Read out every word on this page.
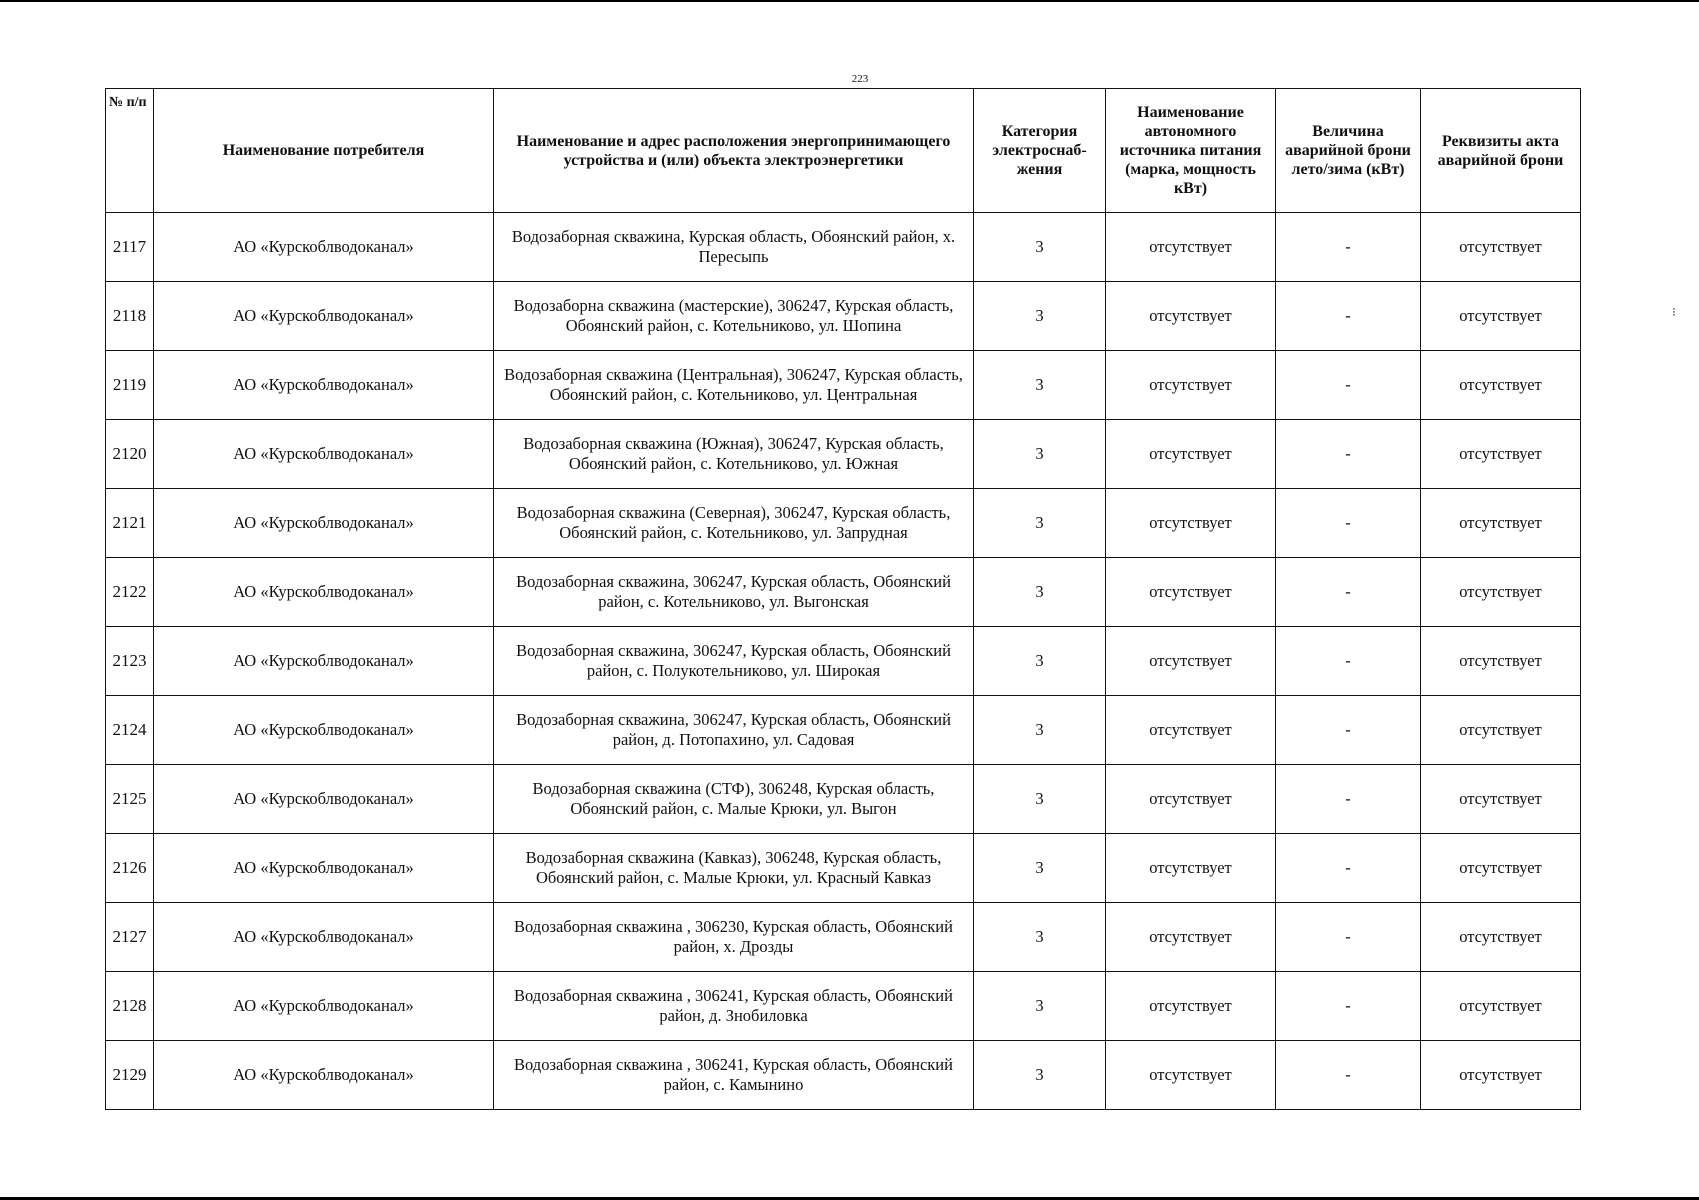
223
⁝
№ п/п	Наименование потребителя	Наименование и адрес расположения энергопринимающего устройства и (или) объекта электроэнергетики	Категория электроснаб-жения	Наименование автономного источника питания (марка, мощность кВт)	Величина аварийной брони лето/зима (кВт)	Реквизиты акта аварийной брони
2117	АО «Курскоблводоканал»	Водозаборная скважина, Курская область, Обоянский район, х. Пересыпь	3	отсутствует	-	отсутствует
2118	АО «Курскоблводоканал»	Водозаборна скважина (мастерские), 306247, Курская область, Обоянский район, с. Котельниково, ул. Шопина	3	отсутствует	-	отсутствует
2119	АО «Курскоблводоканал»	Водозаборная скважина (Центральная), 306247, Курская область, Обоянский район, с. Котельниково, ул. Центральная	3	отсутствует	-	отсутствует
2120	АО «Курскоблводоканал»	Водозаборная скважина (Южная), 306247, Курская область, Обоянский район, с. Котельниково, ул. Южная	3	отсутствует	-	отсутствует
2121	АО «Курскоблводоканал»	Водозаборная скважина (Северная), 306247, Курская область, Обоянский район, с. Котельниково, ул. Запрудная	3	отсутствует	-	отсутствует
2122	АО «Курскоблводоканал»	Водозаборная скважина, 306247, Курская область, Обоянский район, с. Котельниково, ул. Выгонская	3	отсутствует	-	отсутствует
2123	АО «Курскоблводоканал»	Водозаборная скважина, 306247, Курская область, Обоянский район, с. Полукотельниково, ул. Широкая	3	отсутствует	-	отсутствует
2124	АО «Курскоблводоканал»	Водозаборная скважина, 306247, Курская область, Обоянский район, д. Потопахино, ул. Садовая	3	отсутствует	-	отсутствует
2125	АО «Курскоблводоканал»	Водозаборная скважина (СТФ), 306248, Курская область, Обоянский район, с. Малые Крюки, ул. Выгон	3	отсутствует	-	отсутствует
2126	АО «Курскоблводоканал»	Водозаборная скважина (Кавказ), 306248, Курская область, Обоянский район, с. Малые Крюки, ул. Красный Кавказ	3	отсутствует	-	отсутствует
2127	АО «Курскоблводоканал»	Водозаборная скважина , 306230, Курская область, Обоянский район, х. Дрозды	3	отсутствует	-	отсутствует
2128	АО «Курскоблводоканал»	Водозаборная скважина , 306241, Курская область, Обоянский район, д. Знобиловка	3	отсутствует	-	отсутствует
2129	АО «Курскоблводоканал»	Водозаборная скважина , 306241, Курская область, Обоянский район, с. Камынино	3	отсутствует	-	отсутствует
